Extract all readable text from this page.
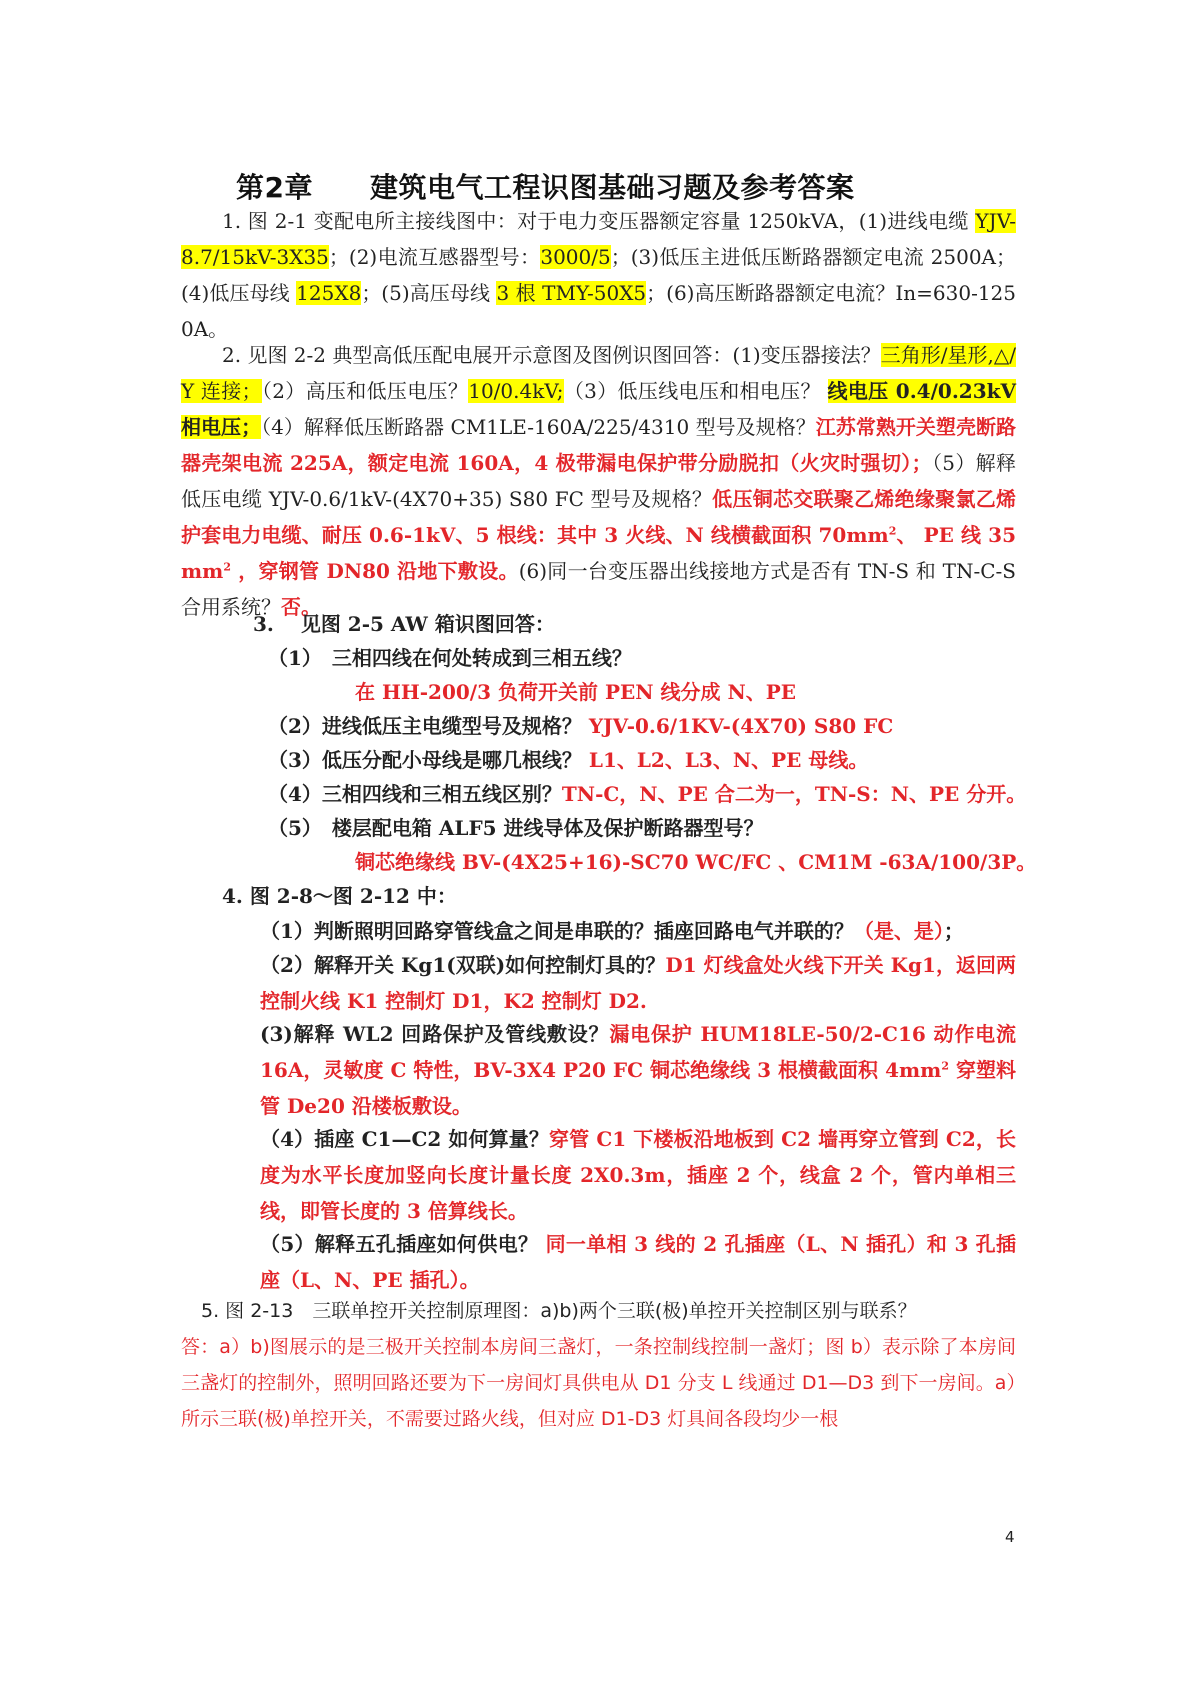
第2章　　建筑电气工程识图基础习题及参考答案
1. 图 2-1 变配电所主接线图中：对于电力变压器额定容量 1250kVA，(1)进线电缆 YJV-8.7/15kV-3X35；(2)电流互感器型号：3000/5；(3)低压主进低压断路器额定电流 2500A；(4)低压母线 125X8；(5)高压母线 3 根 TMY-50X5；(6)高压断路器额定电流？In=630-1250A。
2. 见图 2-2 典型高低压配电展开示意图及图例识图回答：(1)变压器接法？三角形/星形,△/Y 连接；（2）高压和低压电压？10/0.4kV;（3）低压线电压和相电压？ 线电压 0.4/0.23kV 相电压；（4）解释低压断路器 CM1LE-160A/225/4310 型号及规格？江苏常熟开关塑壳断路器壳架电流 225A，额定电流 160A，4 极带漏电保护带分励脱扣（火灾时强切）；（5）解释低压电缆 YJV-0.6/1kV-(4X70+35) S80 FC 型号及规格？低压铜芯交联聚乙烯绝缘聚氯乙烯护套电力电缆、耐压 0.6-1kV、5 根线：其中 3 火线、N 线横截面积 $70mm^2$、 PE 线 35 $mm^2$ ，穿钢管 DN80 沿地下敷设。(6)同一台变压器出线接地方式是否有 TN-S 和 TN-C-S 合用系统？否。
3.　 见图 2-5 AW 箱识图回答：
（1）　三相四线在何处转成到三相五线？
在 HH-200/3 负荷开关前 PEN 线分成 N、PE
（2）进线低压主电缆型号及规格？ YJV-0.6/1KV-(4X70) S80 FC
（3）低压分配小母线是哪几根线？ L1、L2、L3、N、PE 母线。
（4）三相四线和三相五线区别？TN-C，N、PE 合二为一，TN-S：N、PE 分开。
（5）　楼层配电箱 ALF5 进线导体及保护断路器型号？
铜芯绝缘线 BV-(4X25+16)-SC70 WC/FC 、CM1M -63A/100/3P。
4. 图 2-8～图 2-12 中：
（1）判断照明回路穿管线盒之间是串联的？插座回路电气并联的？（是、是）；
（2）解释开关 Kg1(双联)如何控制灯具的？D1 灯线盒处火线下开关 Kg1，返回两控制火线 K1 控制灯 D1，K2 控制灯 D2.
(3)解释 WL2 回路保护及管线敷设？漏电保护 HUM18LE-50/2-C16 动作电流 16A，灵敏度 C 特性，BV-3X4 P20 FC 铜芯绝缘线 3 根横截面积 $4mm^2$ 穿塑料管 De20 沿楼板敷设。
（4）插座 C1—C2 如何算量？穿管 C1 下楼板沿地板到 C2 墙再穿立管到 C2，长度为水平长度加竖向长度计量长度 2X0.3m，插座 2 个，线盒 2 个，管内单相三线，即管长度的 3 倍算线长。
（5）解释五孔插座如何供电？ 同一单相 3 线的 2 孔插座（L、N 插孔）和 3 孔插座（L、N、PE 插孔）。
5. 图 2-13　三联单控开关控制原理图：a)b)两个三联(极)单控开关控制区别与联系？
答：a）b)图展示的是三极开关控制本房间三盏灯，一条控制线控制一盏灯；图 b）表示除了本房间三盏灯的控制外，照明回路还要为下一房间灯具供电从 D1 分支 L 线通过 D1—D3 到下一房间。a）所示三联(极)单控开关，不需要过路火线，但对应 D1-D3 灯具间各段均少一根
4
